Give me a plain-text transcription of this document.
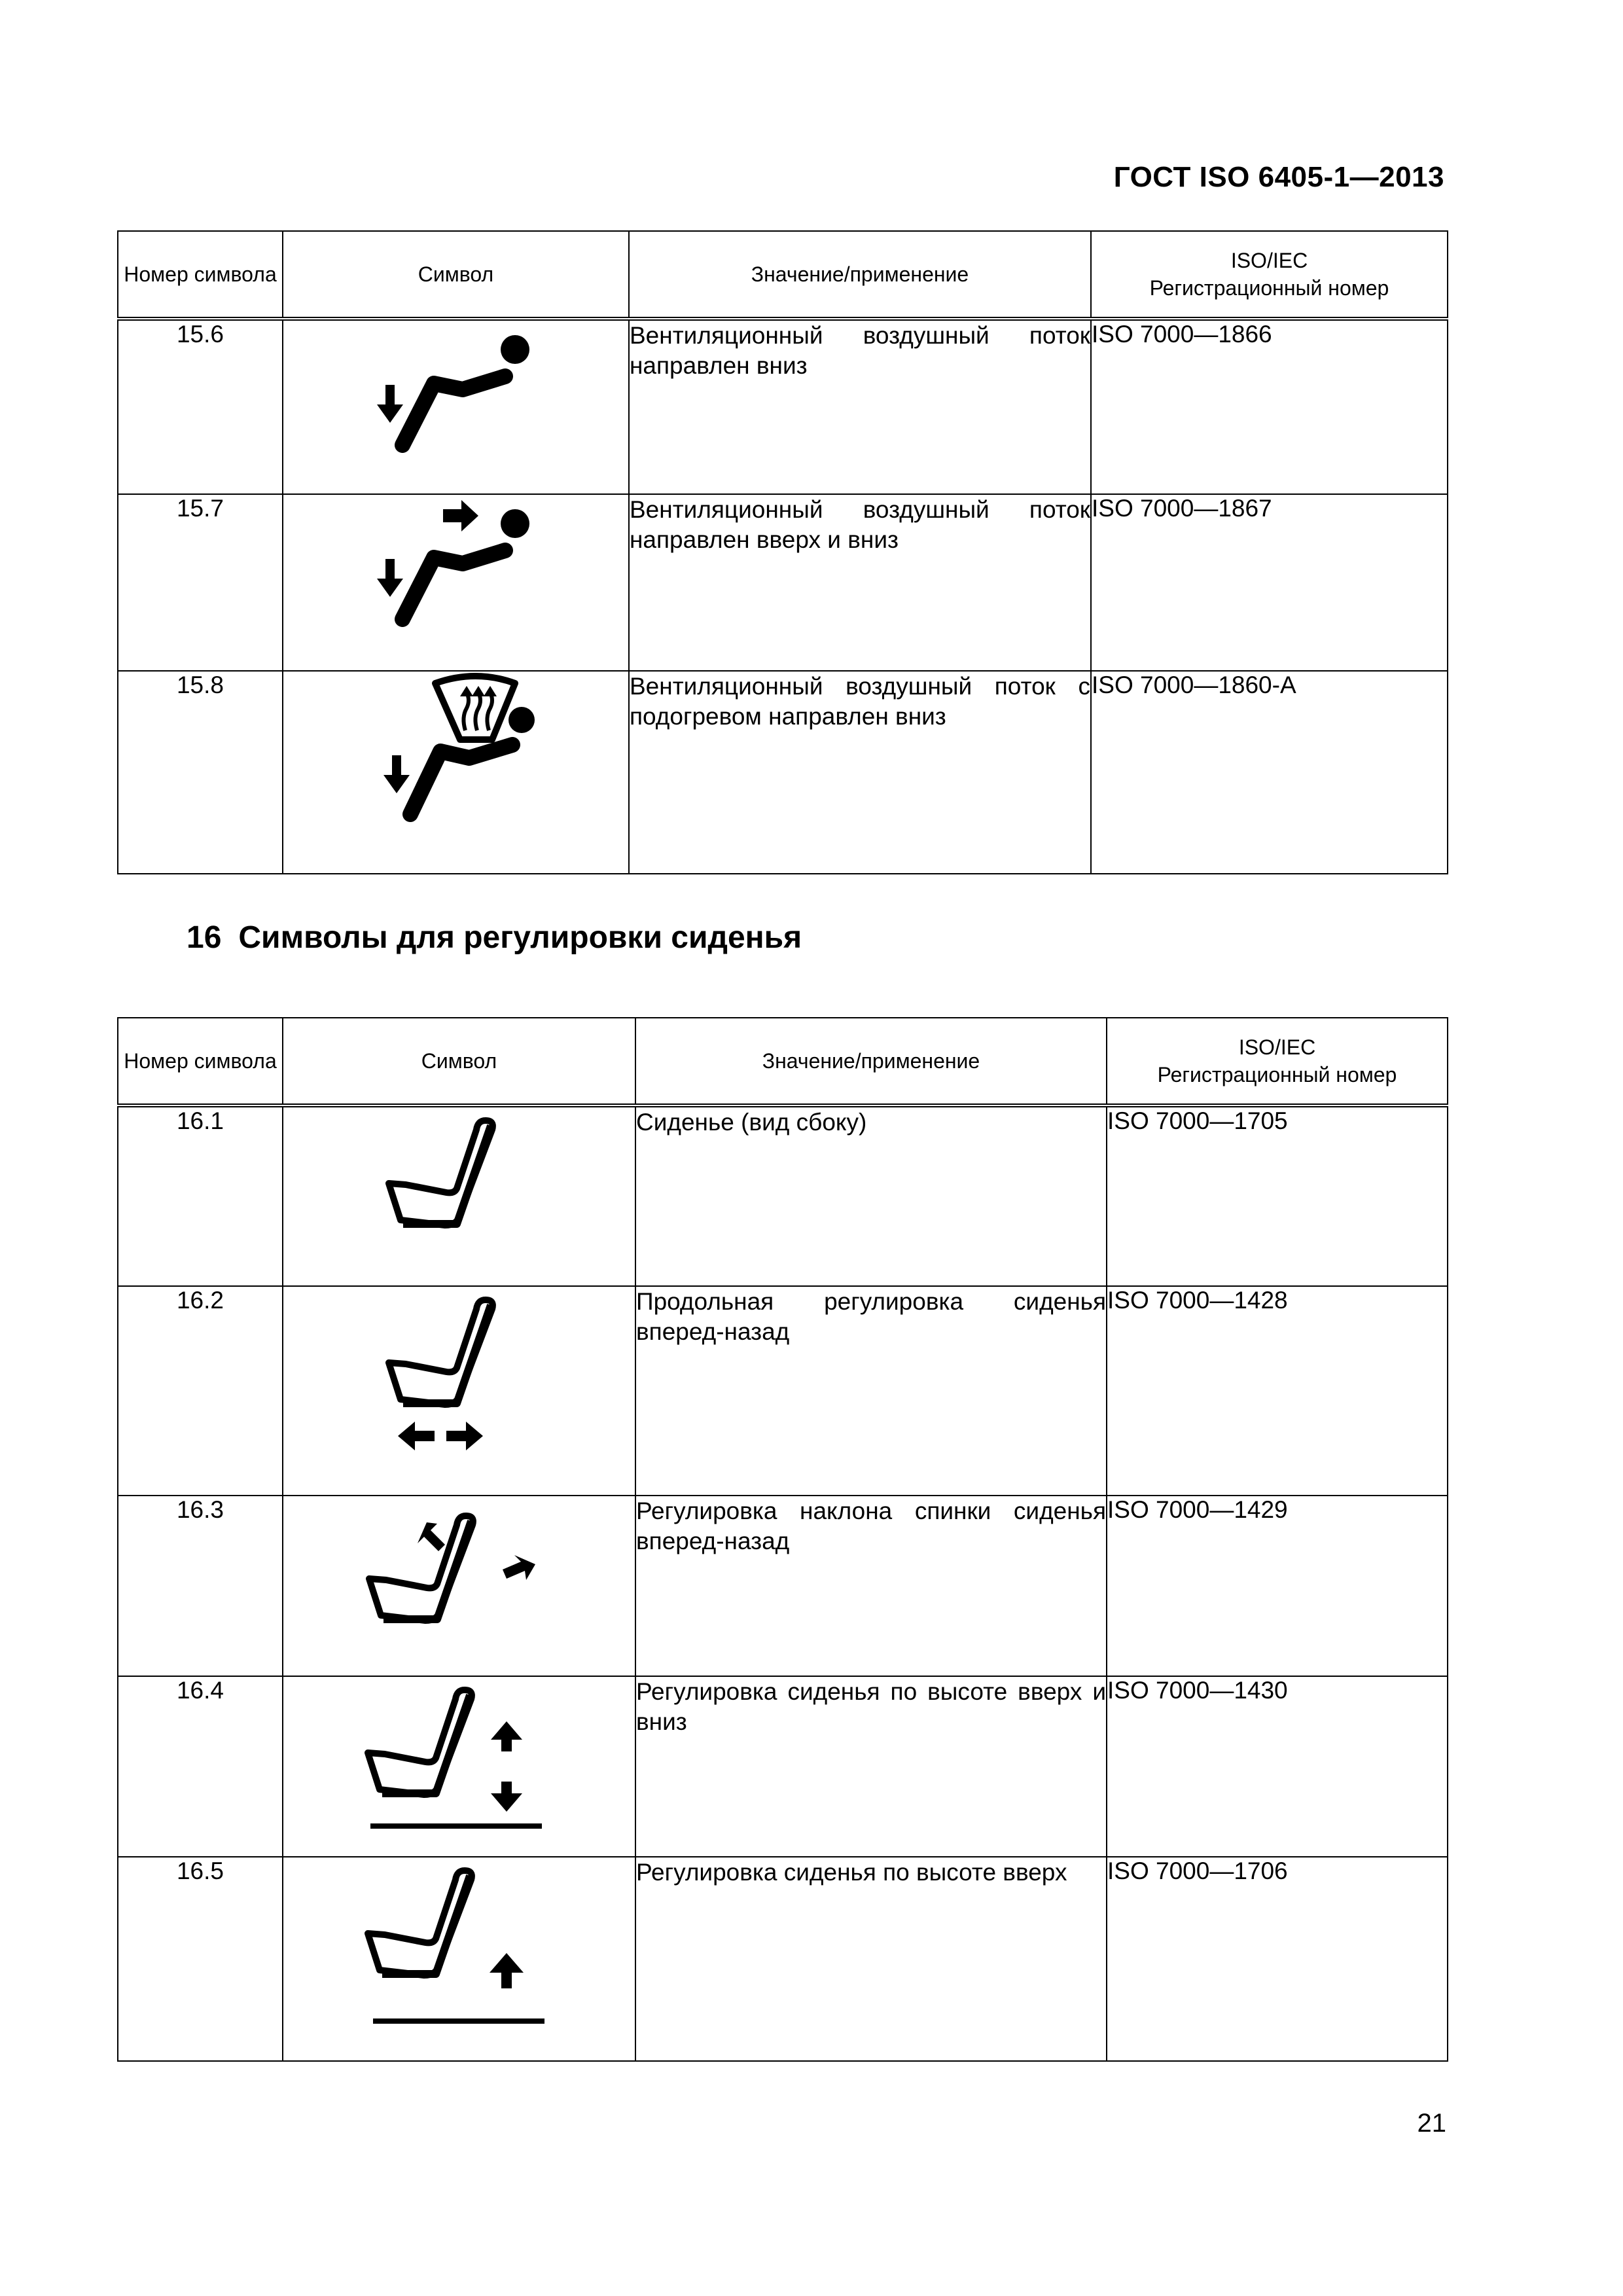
ГОСТ ISO 6405-1—2013
Номер символа	Символ	Значение/применение	ISO/IEC
Регистрационный номер
15.6		Вентиляционный воздушный поток направлен вниз	ISO 7000—1866
15.7		Вентиляционный воздушный поток направлен вверх и вниз	ISO 7000—1867
15.8		Вентиляционный воздушный поток с подогревом направлен вниз	ISO 7000—1860-A
16 Символы для регулировки сиденья
Номер символа	Символ	Значение/применение	ISO/IEC
Регистрационный номер
16.1		Сиденье (вид сбоку)	ISO 7000—1705
16.2		Продольная регулировка сиденья вперед-назад	ISO 7000—1428
16.3		Регулировка наклона спинки сиденья вперед-назад	ISO 7000—1429
16.4		Регулировка сиденья по высоте вверх и вниз	ISO 7000—1430
16.5		Регулировка сиденья по высоте вверх	ISO 7000—1706
21
